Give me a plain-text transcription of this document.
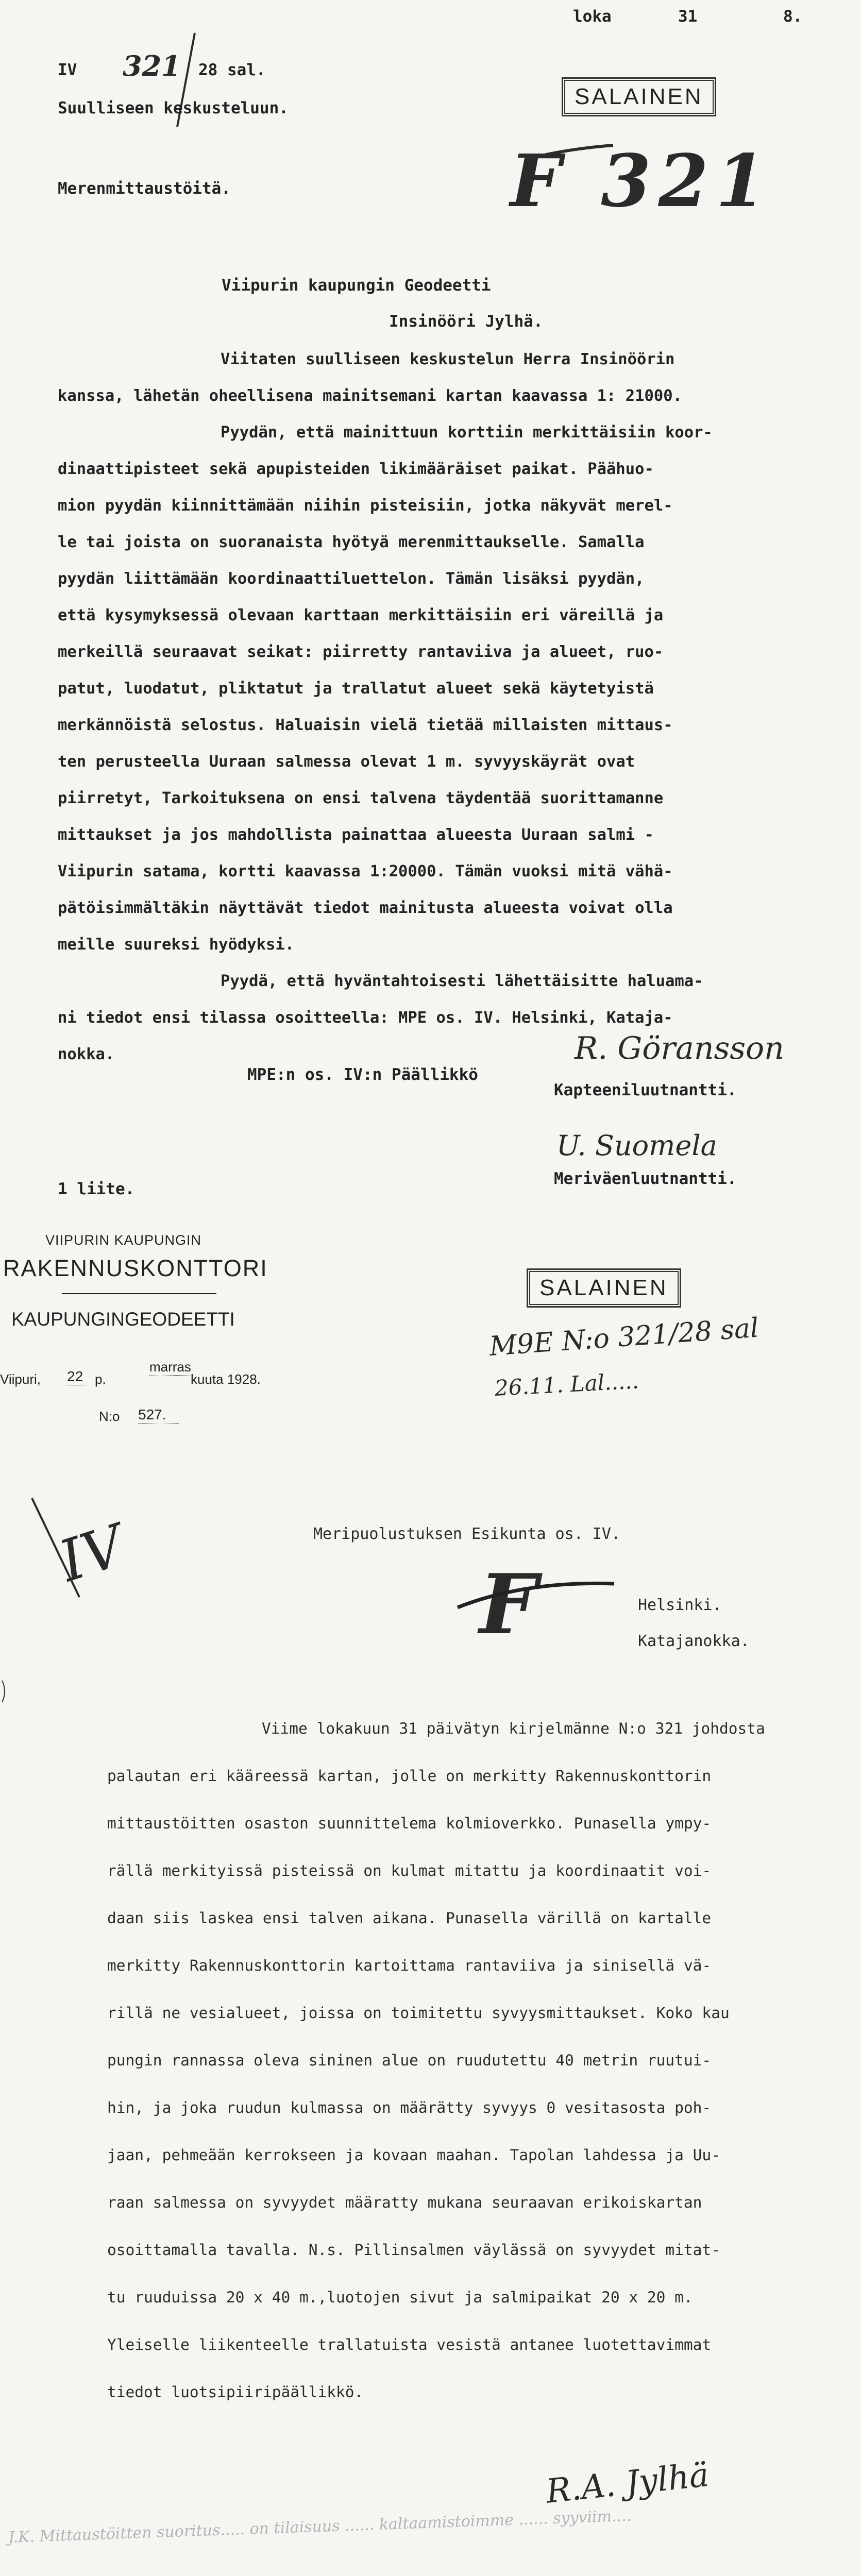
loka	31	8.
IV 321 28 sal.
Suulliseen keskusteluun.	SALAINEN
F 321
Merenmittaustöitä.
Viipurin kaupungin Geodeetti
Insinööri Jylhä.
Viitaten suulliseen keskustelun Herra Insinöörin
kanssa, lähetän oheellisena mainitsemani kartan kaavassa 1: 21000.
Pyydän, että mainittuun korttiin merkittäisiin koor-
dinaattipisteet sekä apupisteiden likimääräiset paikat. Päähuo-
mion pyydän kiinnittämään niihin pisteisiin, jotka näkyvät merel-
le tai joista on suoranaista hyötyä merenmittaukselle. Samalla
pyydän liittämään koordinaattiluettelon. Tämän lisäksi pyydän,
että kysymyksessä olevaan karttaan merkittäisiin eri väreillä ja
merkeillä seuraavat seikat: piirretty rantaviiva ja alueet, ruo-
patut, luodatut, pliktatut ja trallatut alueet sekä käytetyistä
merkännöistä selostus. Haluaisin vielä tietää millaisten mittaus-
ten perusteella Uuraan salmessa olevat 1 m. syvyyskäyrät ovat
piirretyt, Tarkoituksena on ensi talvena täydentää suorittamanne
mittaukset ja jos mahdollista painattaa alueesta Uuraan salmi -
Viipurin satama, kortti kaavassa 1:20000. Tämän vuoksi mitä vähä-
pätöisimmältäkin näyttävät tiedot mainitusta alueesta voivat olla
meille suureksi hyödyksi.
Pyydä, että hyväntahtoisesti lähettäisitte haluama-
ni tiedot ensi tilassa osoitteella: MPE os. IV. Helsinki, Kataja-
nokka.
MPE:n os. IV:n Päällikkö
R. Göransson
Kapteeniluutnantti.
U. Suomela
Meriväenluutnantti.
1 liite.
VIIPURIN KAUPUNGIN
RAKENNUSKONTTORI
KAUPUNGINGEODEETTI
Viipuri, 22 p.
marras
kuuta 1928.
N:o 527.
SALAINEN
M9E N:o 321/28 sal
26.11. Lal.....
IV	Meripuolustuksen Esikunta os. IV.
F	Helsinki.
Katajanokka.
Viime lokakuun 31 päivätyn kirjelmänne N:o 321 johdosta
palautan eri kääreessä kartan, jolle on merkitty Rakennuskonttorin
mittaustöitten osaston suunnittelema kolmioverkko. Punasella ympy-
rällä merkityissä pisteissä on kulmat mitattu ja koordinaatit voi-
daan siis laskea ensi talven aikana. Punasella värillä on kartalle
merkitty Rakennuskonttorin kartoittama rantaviiva ja sinisellä vä-
rillä ne vesialueet, joissa on toimitettu syvyysmittaukset. Koko kau
pungin rannassa oleva sininen alue on ruudutettu 40 metrin ruutui-
hin, ja joka ruudun kulmassa on määrätty syvyys 0 vesitasosta poh-
jaan, pehmeään kerrokseen ja kovaan maahan. Tapolan lahdessa ja Uu-
raan salmessa on syvyydet määratty mukana seuraavan erikoiskartan
osoittamalla tavalla. N.s. Pillinsalmen väylässä on syvyydet mitat-
tu ruuduissa 20 x 40 m.,luotojen sivut ja salmipaikat 20 x 20 m.
Yleiselle liikenteelle trallatuista vesistä antanee luotettavimmat
tiedot luotsipiiripäällikkö.
R.A. Jylhä
J.K. Mittaustöitten suoritus..... on tilaisuus ...... kaltaamistoimme ...... syyviim....
